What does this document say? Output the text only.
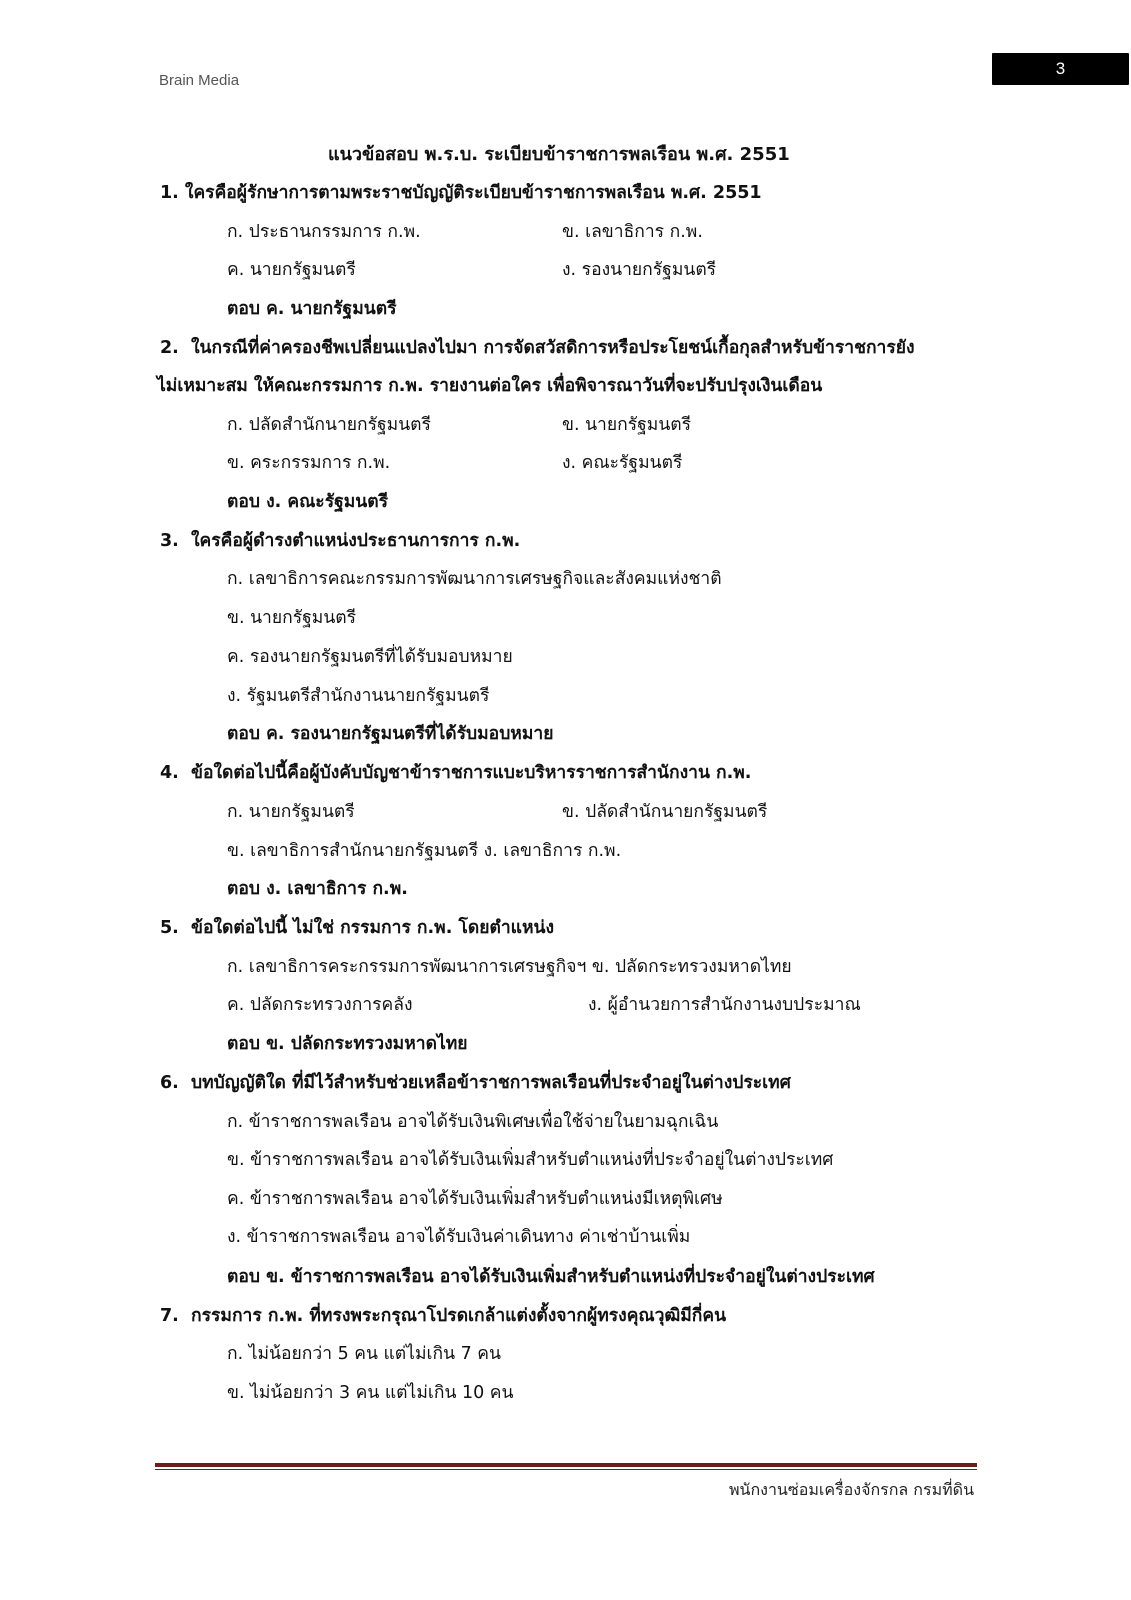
Brain Media
3
แนวข้อสอบ พ.ร.บ. ระเบียบข้าราชการพลเรือน พ.ศ. 2551
1. ใครคือผู้รักษาการตามพระราชบัญญัติระเบียบข้าราชการพลเรือน พ.ศ. 2551
ก. ประธานกรรมการ ก.พ.	ข. เลขาธิการ ก.พ.
ค. นายกรัฐมนตรี	ง. รองนายกรัฐมนตรี
ตอบ ค. นายกรัฐมนตรี
2. ในกรณีที่ค่าครองชีพเปลี่ยนแปลงไปมา การจัดสวัสดิการหรือประโยชน์เกื้อกุลสำหรับข้าราชการยัง
ไม่เหมาะสม ให้คณะกรรมการ ก.พ. รายงานต่อใคร เพื่อพิจารณาวันที่จะปรับปรุงเงินเดือน
ก. ปลัดสำนักนายกรัฐมนตรี	ข. นายกรัฐมนตรี
ข. คระกรรมการ ก.พ.	ง. คณะรัฐมนตรี
ตอบ ง. คณะรัฐมนตรี
3. ใครคือผู้ดำรงตำแหน่งประธานการการ ก.พ.
ก. เลขาธิการคณะกรรมการพัฒนาการเศรษฐกิจและสังคมแห่งชาติ
ข. นายกรัฐมนตรี
ค. รองนายกรัฐมนตรีที่ได้รับมอบหมาย
ง. รัฐมนตรีสำนักงานนายกรัฐมนตรี
ตอบ ค. รองนายกรัฐมนตรีที่ได้รับมอบหมาย
4. ข้อใดต่อไปนี้คือผู้บังคับบัญชาข้าราชการแบะบริหารราชการสำนักงาน ก.พ.
ก. นายกรัฐมนตรี	ข. ปลัดสำนักนายกรัฐมนตรี
ข. เลขาธิการสำนักนายกรัฐมนตรี ง. เลขาธิการ ก.พ.
ตอบ ง. เลขาธิการ ก.พ.
5. ข้อใดต่อไปนี้ ไม่ใช่ กรรมการ ก.พ. โดยตำแหน่ง
ก. เลขาธิการคระกรรมการพัฒนาการเศรษฐกิจฯ ข. ปลัดกระทรวงมหาดไทย
ค. ปลัดกระทรวงการคลัง	ง. ผู้อำนวยการสำนักงานงบประมาณ
ตอบ ข. ปลัดกระทรวงมหาดไทย
6. บทบัญญัติใด ที่มีไว้สำหรับช่วยเหลือข้าราชการพลเรือนที่ประจำอยู่ในต่างประเทศ
ก. ข้าราชการพลเรือน อาจได้รับเงินพิเศษเพื่อใช้จ่ายในยามฉุกเฉิน
ข. ข้าราชการพลเรือน อาจได้รับเงินเพิ่มสำหรับตำแหน่งที่ประจำอยู่ในต่างประเทศ
ค. ข้าราชการพลเรือน อาจได้รับเงินเพิ่มสำหรับตำแหน่งมีเหตุพิเศษ
ง. ข้าราชการพลเรือน อาจได้รับเงินค่าเดินทาง ค่าเช่าบ้านเพิ่ม
ตอบ ข. ข้าราชการพลเรือน อาจได้รับเงินเพิ่มสำหรับตำแหน่งที่ประจำอยู่ในต่างประเทศ
7. กรรมการ ก.พ. ที่ทรงพระกรุณาโปรดเกล้าแต่งตั้งจากผู้ทรงคุณวุฒิมีกี่คน
ก. ไม่น้อยกว่า 5 คน แต่ไม่เกิน 7 คน
ข. ไม่น้อยกว่า 3 คน แต่ไม่เกิน 10 คน
พนักงานซ่อมเครื่องจักรกล กรมที่ดิน
